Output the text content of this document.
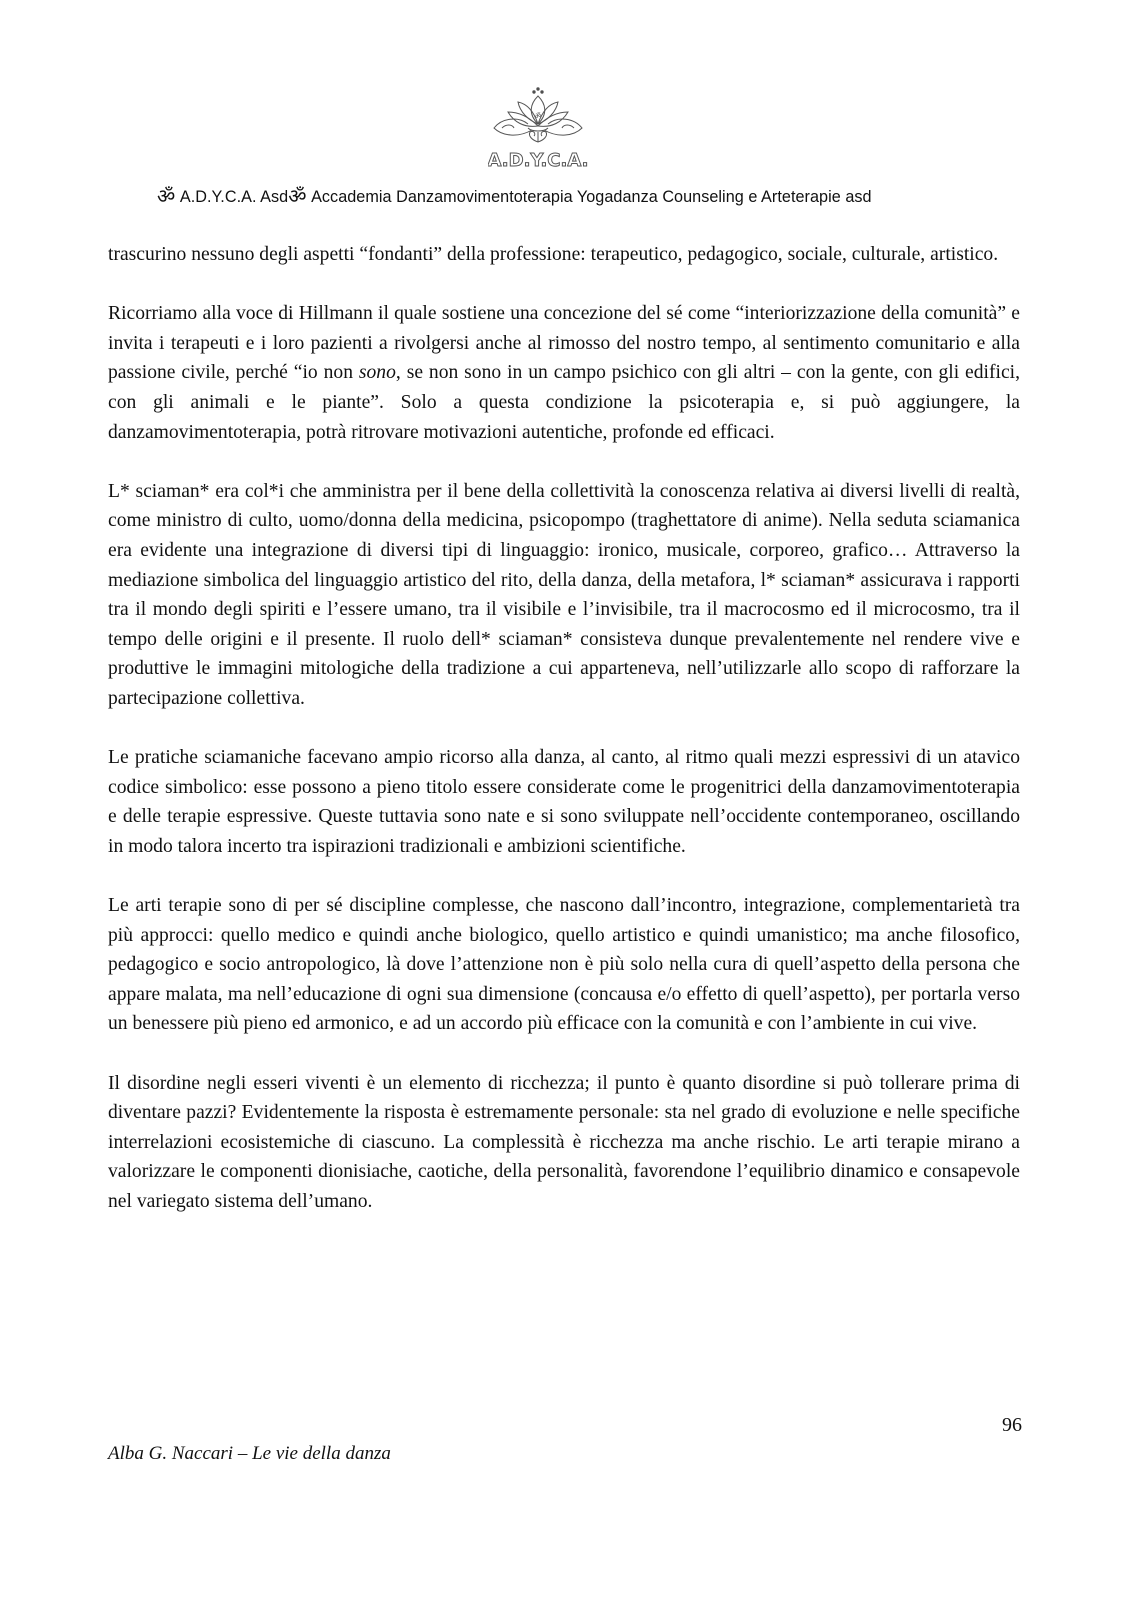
ॐ
A.D.Y.C.A.
ॐ A.D.Y.C.A. Asdॐ Accademia Danzamovimentoterapia Yogadanza Counseling e Arteterapie asd

trascurino nessuno degli aspetti “fondanti” della professione: terapeutico, pedagogico, sociale, culturale, artistico.

Ricorriamo alla voce di Hillmann il quale sostiene una concezione del sé come “interiorizzazione della comunità” e invita i terapeuti e i loro pazienti a rivolgersi anche al rimosso del nostro tempo, al sentimento comunitario e alla passione civile, perché “io non sono, se non sono in un campo psichico con gli altri – con la gente, con gli edifici, con gli animali e le piante”. Solo a questa condizione la psicoterapia e, si può aggiungere, la danzamovimentoterapia, potrà ritrovare motivazioni autentiche, profonde ed efficaci.

L* sciaman* era col*i che amministra per il bene della collettività la conoscenza relativa ai diversi livelli di realtà, come ministro di culto, uomo/donna della medicina, psicopompo (traghettatore di anime). Nella seduta sciamanica era evidente una integrazione di diversi tipi di linguaggio: ironico, musicale, corporeo, grafico… Attraverso la mediazione simbolica del linguaggio artistico del rito, della danza, della metafora, l* sciaman* assicurava i rapporti tra il mondo degli spiriti e l’essere umano, tra il visibile e l’invisibile, tra il macrocosmo ed il microcosmo, tra il tempo delle origini e il presente. Il ruolo dell* sciaman* consisteva dunque prevalentemente nel rendere vive e produttive le immagini mitologiche della tradizione a cui apparteneva, nell’utilizzarle allo scopo di rafforzare la partecipazione collettiva.

Le pratiche sciamaniche facevano ampio ricorso alla danza, al canto, al ritmo quali mezzi espressivi di un atavico codice simbolico: esse possono a pieno titolo essere considerate come le progenitrici della danzamovimentoterapia e delle terapie espressive. Queste tuttavia sono nate e si sono sviluppate nell’occidente contemporaneo, oscillando in modo talora incerto tra ispirazioni tradizionali e ambizioni scientifiche.

Le arti terapie sono di per sé discipline complesse, che nascono dall’incontro, integrazione, complementarietà tra più approcci: quello medico e quindi anche biologico, quello artistico e quindi umanistico; ma anche filosofico, pedagogico e socio antropologico, là dove l’attenzione non è più solo nella cura di quell’aspetto della persona che appare malata, ma nell’educazione di ogni sua dimensione (concausa e/o effetto di quell’aspetto), per portarla verso un benessere più pieno ed armonico, e ad un accordo più efficace con la comunità e con l’ambiente in cui vive.

Il disordine negli esseri viventi è un elemento di ricchezza; il punto è quanto disordine si può tollerare prima di diventare pazzi? Evidentemente la risposta è estremamente personale: sta nel grado di evoluzione e nelle specifiche interrelazioni ecosistemiche di ciascuno. La complessità è ricchezza ma anche rischio. Le arti terapie mirano a valorizzare le componenti dionisiache, caotiche, della personalità, favorendone l’equilibrio dinamico e consapevole nel variegato sistema dell’umano.

96
Alba G. Naccari – Le vie della danza
